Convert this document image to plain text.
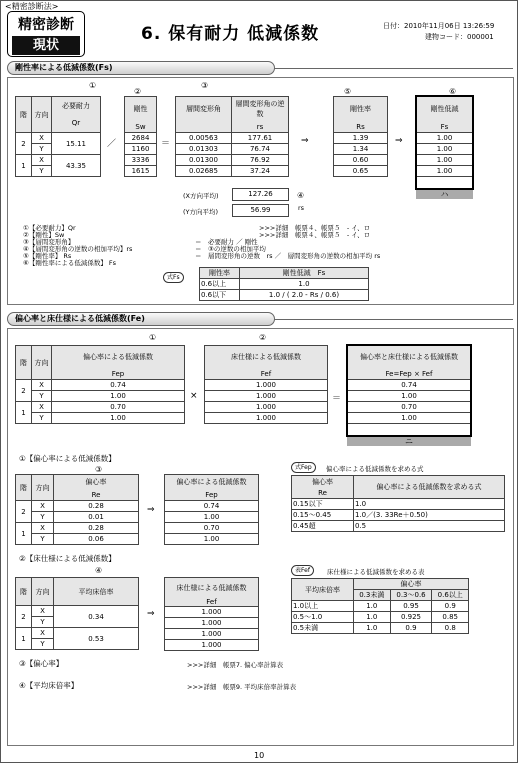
<精密診断法>
精密診断
現状
6. 保有耐力 低減係数	日付：2010年11月06日 13:26:59
建物コード：000001
剛性率による低減係数(Fs)
①
②
③
⑤	⑥
階	方向	必要耐力
		Qr
2	X	15.11
	Y	
1	X	43.35
	Y	
／
剛性
Sw
2684
1160
3336
1615
＝
層間変形角	層間変形角の逆数
	rs
0.00563	177.61
0.01303	76.74
0.01300	76.92
0.02685	37.24
(X方向平均)	127.26
(Y方向平均)	56.99
④
rs
⇒
剛性率
Rs
1.39
1.34
0.60
0.65
⇒
剛性低減
Fs
1.00
1.00
1.00
1.00
ハ
①【必要耐力】Qr
②【剛性】Sw
③【層間変形角】
④【層間変形角の逆数の相加平均】rs
⑤【剛性率】 Rs
⑥【剛性率による低減係数】 Fs
>>>詳細　帳票４、帳票５　- イ、ロ
>>>詳細　帳票４、帳票５　- イ、ロ
＝　必要耐力 ／ 剛性
＝　③の逆数の相加平均
＝　層間変形角の逆数　rs ／　層間変形角の逆数の相加平均 rs
式Fs
剛性率	剛性低減　Fs
0.6以上	1.0
0.6以下	1.0 / ( 2.0 - Rs / 0.6)
偏心率と床仕様による低減係数(Fe)
①	②
階	方向	偏心率による低減係数
		Fep
2	X	0.74
	Y	1.00
1	X	0.70
	Y	1.00
×
床仕様による低減係数
Fef
1.000
1.000
1.000
1.000
＝
偏心率と床仕様による低減係数
Fe=Fep × Fef
0.74
1.00
0.70
1.00
ニ
①【偏心率による低減係数】
③
階	方向	偏心率
		Re
2	X	0.28
	Y	0.01
1	X	0.28
	Y	0.06
⇒
偏心率による低減係数
Fep
0.74
1.00
0.70
1.00
式Fep	偏心率による低減係数を求める式
偏心率	偏心率による低減係数を求める式
Re	
0.15以下	1.0
0.15～0.45	1.0／(3. 33Re＋0.50)
0.45超	0.5
②【床仕様による低減係数】
④
階	方向	平均床倍率
2	X	0.34
	Y	
1	X	0.53
	Y	
⇒
床仕様による低減係数
Fef
1.000
1.000
1.000
1.000
表Fef	床仕様による低減係数を求める表
平均床倍率	偏心率		
	0.3未満	0.3～0.6	0.6以上
1.0以上	1.0	0.95	0.9
0.5～1.0	1.0	0.925	0.85
0.5未満	1.0	0.9	0.8
③【偏心率】	>>>詳細　帳票7. 偏心率計算表
④【平均床倍率】	>>>詳細　帳票9. 平均床倍率計算表
10
